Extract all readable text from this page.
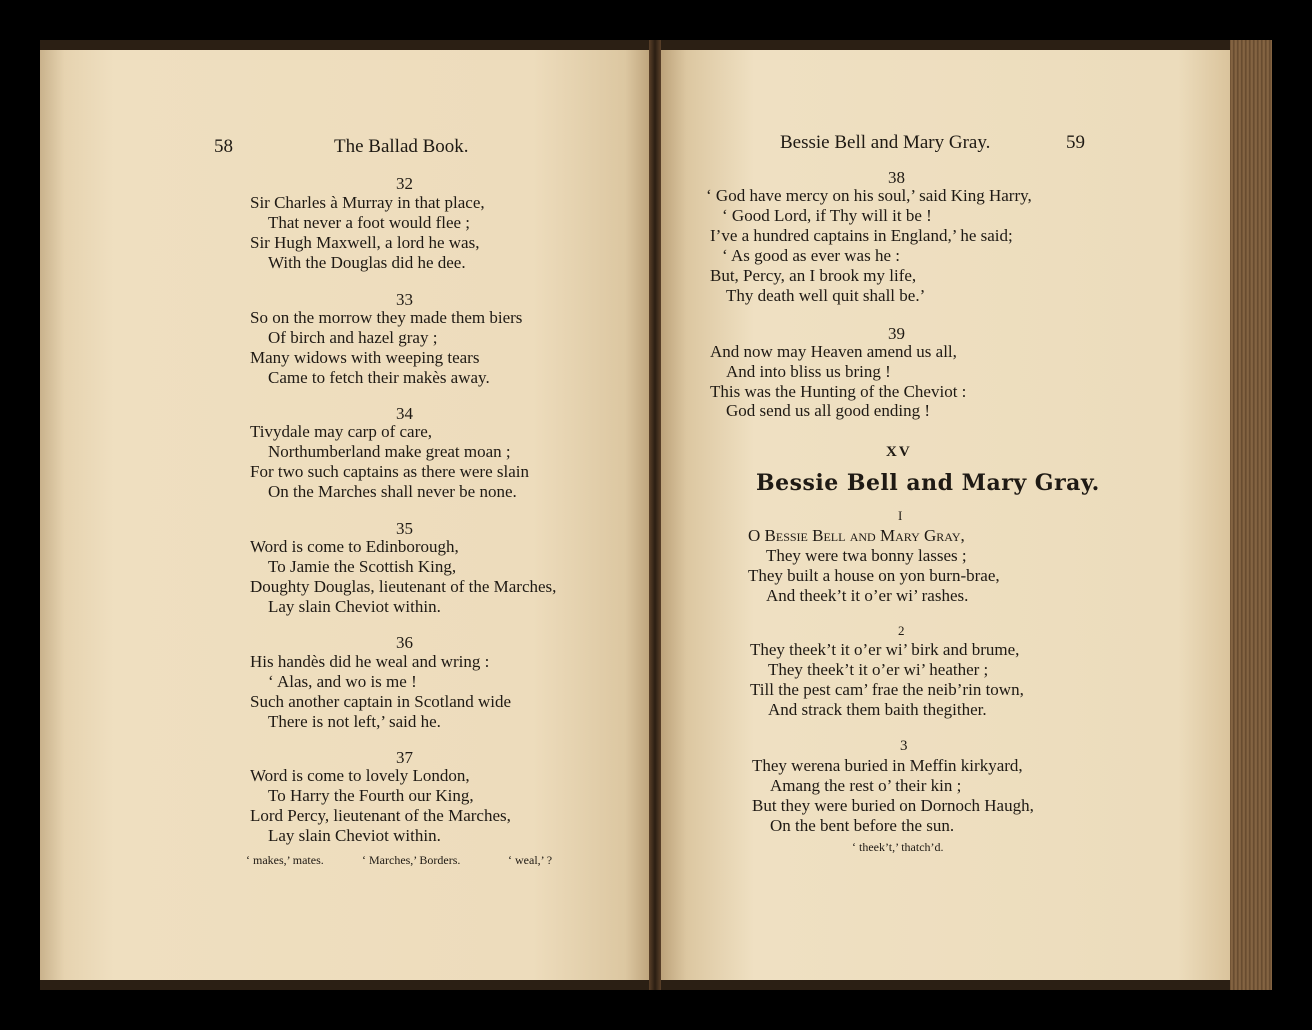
58	The Ballad Book.
32
Sir Charles à Murray in that place,
That never a foot would flee ;
Sir Hugh Maxwell, a lord he was,
With the Douglas did he dee.
33
So on the morrow they made them biers
Of birch and hazel gray ;
Many widows with weeping tears
Came to fetch their makès away.
34
Tivydale may carp of care,
Northumberland make great moan ;
For two such captains as there were slain
On the Marches shall never be none.
35
Word is come to Edinborough,
To Jamie the Scottish King,
Doughty Douglas, lieutenant of the Marches,
Lay slain Cheviot within.
36
His handès did he weal and wring :
‘ Alas, and wo is me !
Such another captain in Scotland wide
There is not left,’ said he.
37
Word is come to lovely London,
To Harry the Fourth our King,
Lord Percy, lieutenant of the Marches,
Lay slain Cheviot within.
‘ makes,’ mates.	‘ Marches,’ Borders.	‘ weal,’ ?
Bessie Bell and Mary Gray.	59
38
‘ God have mercy on his soul,’ said King Harry,
‘ Good Lord, if Thy will it be !
I’ve a hundred captains in England,’ he said;
‘ As good as ever was he :
But, Percy, an I brook my life,
Thy death well quit shall be.’
39
And now may Heaven amend us all,
And into bliss us bring !
This was the Hunting of the Cheviot :
God send us all good ending !
XV
Bessie Bell and Mary Gray.
I
O Bessie Bell and Mary Gray,
They were twa bonny lasses ;
They built a house on yon burn-brae,
And theek’t it o’er wi’ rashes.
2
They theek’t it o’er wi’ birk and brume,
They theek’t it o’er wi’ heather ;
Till the pest cam’ frae the neib’rin town,
And strack them baith thegither.
3
They werena buried in Meffin kirkyard,
Amang the rest o’ their kin ;
But they were buried on Dornoch Haugh,
On the bent before the sun.
‘ theek’t,’ thatch’d.
